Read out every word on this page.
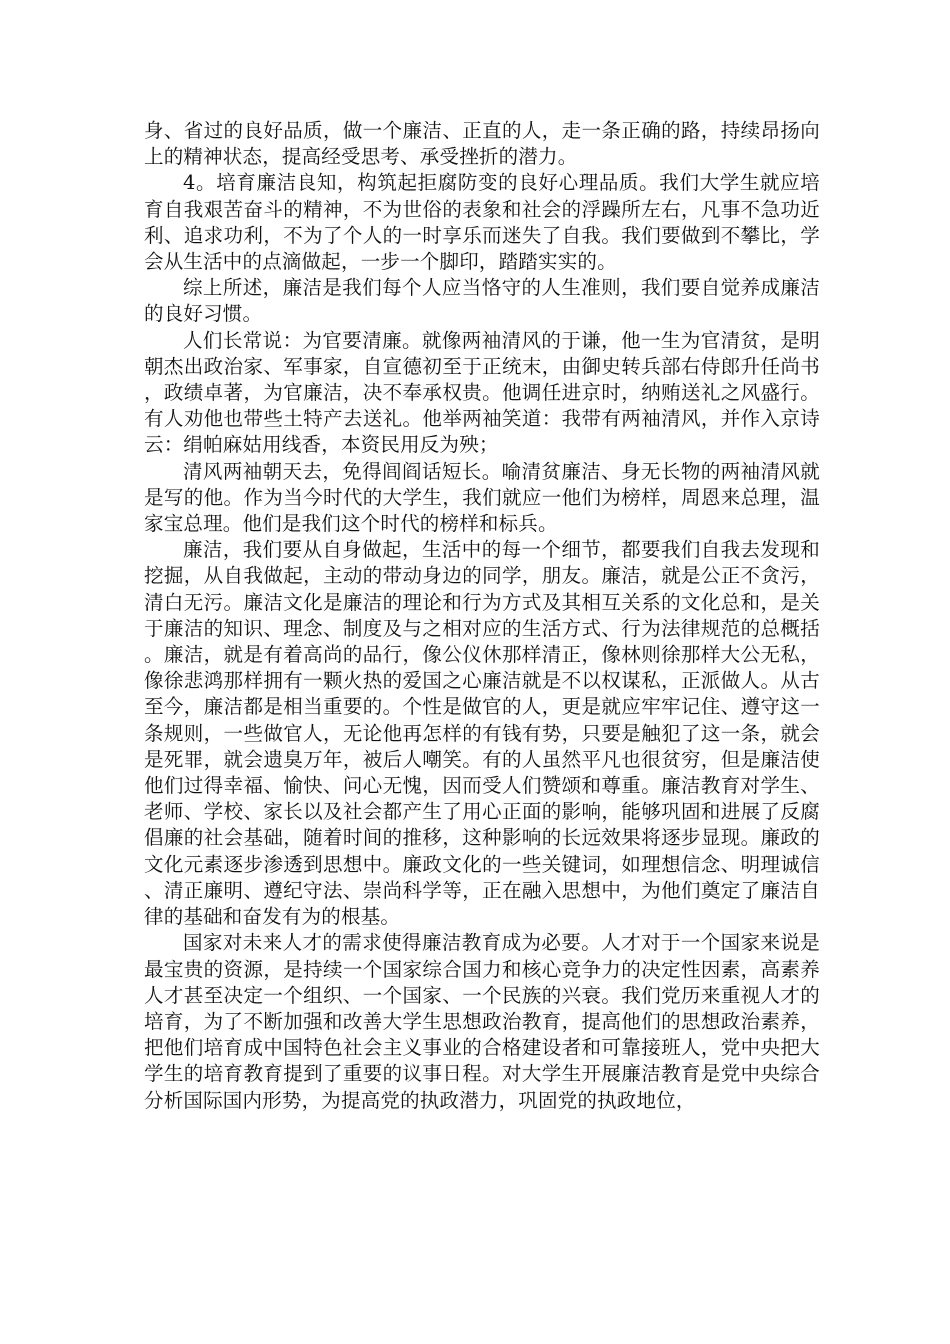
身、省过的良好品质，做一个廉洁、正直的人，走一条正确的路，持续昂扬向上的精神状态，提高经受思考、承受挫折的潜力。

4。培育廉洁良知，构筑起拒腐防变的良好心理品质。我们大学生就应培育自我艰苦奋斗的精神，不为世俗的表象和社会的浮躁所左右，凡事不急功近利、追求功利，不为了个人的一时享乐而迷失了自我。我们要做到不攀比，学会从生活中的点滴做起，一步一个脚印，踏踏实实的。

综上所述，廉洁是我们每个人应当恪守的人生准则，我们要自觉养成廉洁的良好习惯。

人们长常说：为官要清廉。就像两袖清风的于谦，他一生为官清贫，是明朝杰出政治家、军事家，自宣德初至于正统末，由御史转兵部右侍郎升任尚书，政绩卓著，为官廉洁，决不奉承权贵。他调任进京时，纳贿送礼之风盛行。有人劝他也带些土特产去送礼。他举两袖笑道：我带有两袖清风，并作入京诗云：绢帕麻姑用线香，本资民用反为殃；

清风两袖朝天去，免得闾阎话短长。喻清贫廉洁、身无长物的两袖清风就是写的他。作为当今时代的大学生，我们就应一他们为榜样，周恩来总理，温家宝总理。他们是我们这个时代的榜样和标兵。

廉洁，我们要从自身做起，生活中的每一个细节，都要我们自我去发现和挖掘，从自我做起，主动的带动身边的同学，朋友。廉洁，就是公正不贪污，清白无污。廉洁文化是廉洁的理论和行为方式及其相互关系的文化总和，是关于廉洁的知识、理念、制度及与之相对应的生活方式、行为法律规范的总概括。廉洁，就是有着高尚的品行，像公仪休那样清正，像林则徐那样大公无私，像徐悲鸿那样拥有一颗火热的爱国之心廉洁就是不以权谋私，正派做人。从古至今，廉洁都是相当重要的。个性是做官的人，更是就应牢牢记住、遵守这一条规则，一些做官人，无论他再怎样的有钱有势，只要是触犯了这一条，就会是死罪，就会遗臭万年，被后人嘲笑。有的人虽然平凡也很贫穷，但是廉洁使他们过得幸福、愉快、问心无愧，因而受人们赞颂和尊重。廉洁教育对学生、老师、学校、家长以及社会都产生了用心正面的影响，能够巩固和进展了反腐倡廉的社会基础，随着时间的推移，这种影响的长远效果将逐步显现。廉政的文化元素逐步渗透到思想中。廉政文化的一些关键词，如理想信念、明理诚信、清正廉明、遵纪守法、崇尚科学等，正在融入思想中，为他们奠定了廉洁自律的基础和奋发有为的根基。

国家对未来人才的需求使得廉洁教育成为必要。人才对于一个国家来说是最宝贵的资源，是持续一个国家综合国力和核心竞争力的决定性因素，高素养人才甚至决定一个组织、一个国家、一个民族的兴衰。我们党历来重视人才的培育，为了不断加强和改善大学生思想政治教育，提高他们的思想政治素养，把他们培育成中国特色社会主义事业的合格建设者和可靠接班人，党中央把大学生的培育教育提到了重要的议事日程。对大学生开展廉洁教育是党中央综合分析国际国内形势，为提高党的执政潜力，巩固党的执政地位，
